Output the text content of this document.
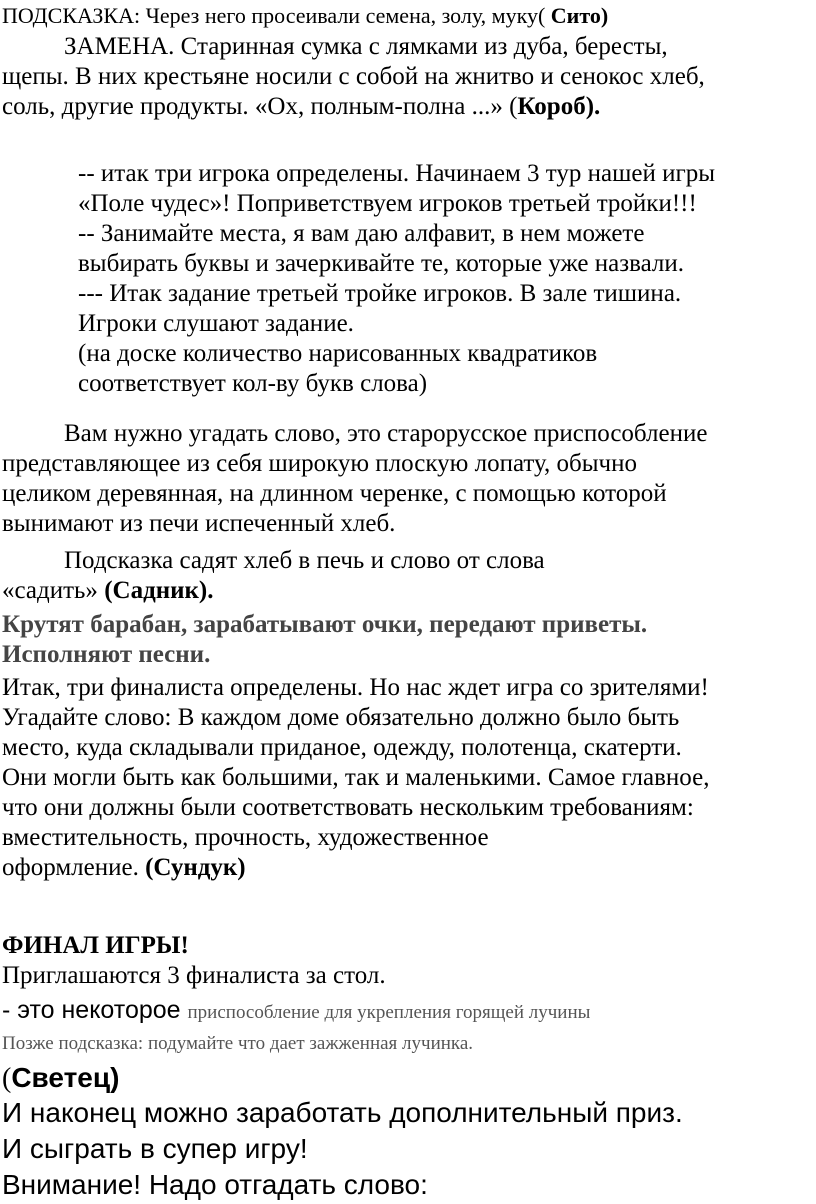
ПОДСКАЗКА: Через него просеивали семена, золу, муку( Сито)

ЗАМЕНА. Старинная сумка с лямками из дуба, бересты,

щепы. В них крестьяне носили с собой на жнитво и сенокос хлеб,

соль, другие продукты. «Ох, полным-полна ...» (Короб).

-- итак три игрока определены. Начинаем 3 тур нашей игры

«Поле чудес»! Поприветствуем игроков третьей тройки!!!

-- Занимайте места, я вам даю алфавит, в нем можете

выбирать буквы и зачеркивайте те, которые уже назвали.

--- Итак задание третьей тройке игроков. В зале тишина.

Игроки слушают задание.

(на доске количество нарисованных квадратиков

соответствует кол-ву букв слова)

Вам нужно угадать слово, это старорусское приспособление

представляющее из себя широкую плоскую лопату, обычно

целиком деревянная, на длинном черенке, с помощью которой

вынимают из печи испеченный хлеб.

Подсказка садят хлеб в печь и слово от слова

«садить» (Садник).

Крутят барабан, зарабатывают очки, передают приветы.

Исполняют песни.

Итак, три финалиста определены. Но нас ждет игра со зрителями!

Угадайте слово: В каждом доме обязательно должно было быть

место, куда складывали приданое, одежду, полотенца, скатерти.

Они могли быть как большими, так и маленькими. Самое главное,

что они должны были соответствовать нескольким требованиям:

вместительность, прочность, художественное

оформление. (Сундук)

ФИНАЛ ИГРЫ!

Приглашаются 3 финалиста за стол.

- это некоторое приспособление для укрепления горящей лучины

Позже подсказка: подумайте что дает зажженная лучинка.

(Светец)

И наконец можно заработать дополнительный приз.

И сыграть в супер игру!

Внимание! Надо отгадать слово:
